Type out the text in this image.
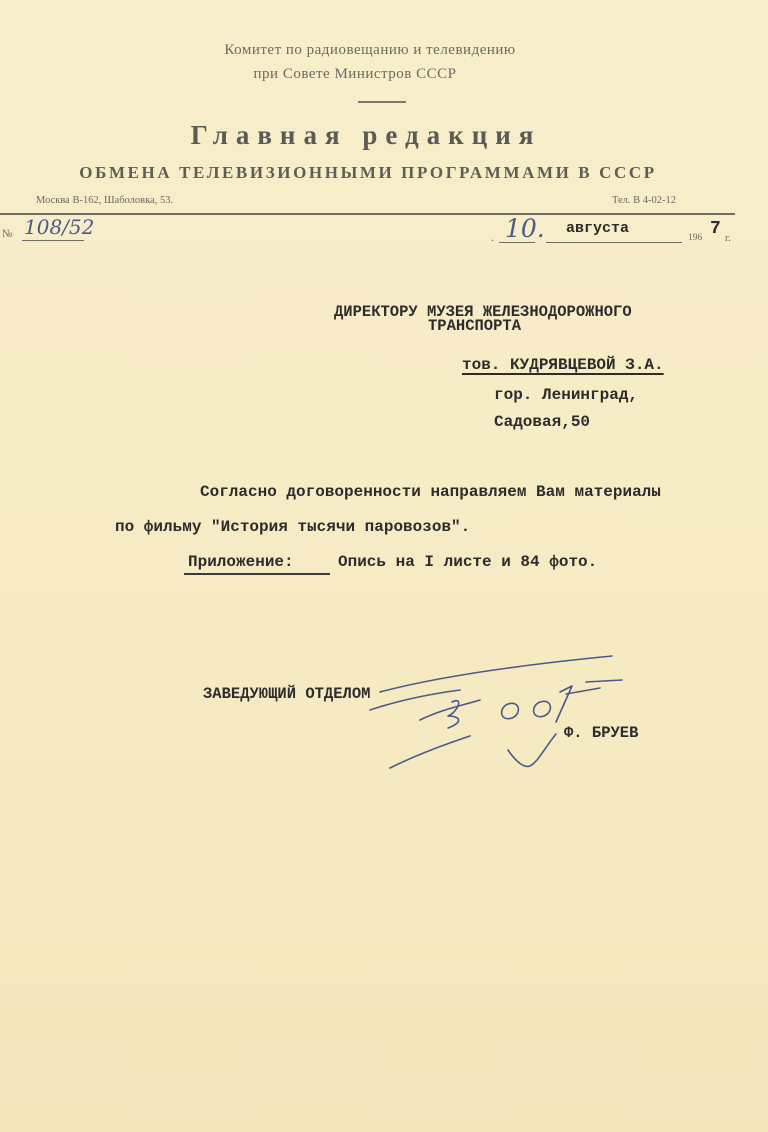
Комитет по радиовещанию и телевидению
при Совете Министров СССР
Главная редакция
ОБМЕНА ТЕЛЕВИЗИОННЫМИ ПРОГРАММАМИ В СССР
Москва В-162, Шаболовка, 53.	Тел. В 4-02-12
№ 108/52	. 10. августа
196 7 г.
ДИРЕКТОРУ МУЗЕЯ ЖЕЛЕЗНОДОРОЖНОГО
ТРАНСПОРТА
тов. КУДРЯВЦЕВОЙ З.А.
гор. Ленинград,
Садовая,50
Согласно договоренности направляем Вам материалы
по фильму "История тысячи паровозов".
Приложение:	Опись на I листе и 84 фото.
ЗАВЕДУЮЩИЙ ОТДЕЛОМ
Ф. БРУЕВ
